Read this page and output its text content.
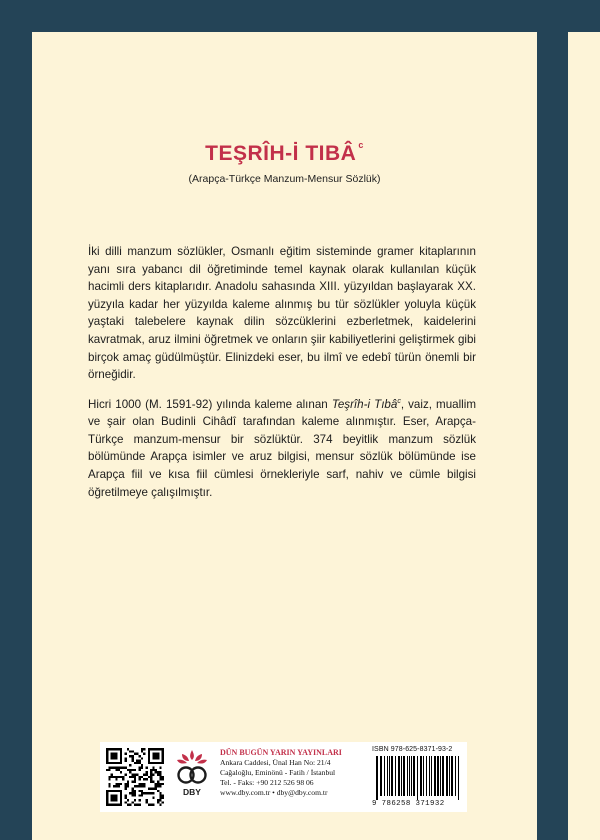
TEŞRÎH-İ TIBÂ $^c$
(Arapça-Türkçe Manzum-Mensur Sözlük)

İki dilli manzum sözlükler, Osmanlı eğitim sisteminde gramer kitaplarının yanı sıra yabancı dil öğretiminde temel kaynak olarak kullanılan küçük hacimli ders kitaplarıdır. Anadolu sahasında XIII. yüzyıldan başlayarak XX. yüzyıla kadar her yüzyılda kaleme alınmış bu tür sözlükler yoluyla küçük yaştaki talebelere kaynak dilin sözcüklerini ezberletmek, kaidelerini kavratmak, aruz ilmini öğretmek ve onların şiir kabiliyetlerini geliştirmek gibi birçok amaç güdülmüştür. Elinizdeki eser, bu ilmî ve edebî türün önemli bir örneğidir.

Hicri 1000 (M. 1591-92) yılında kaleme alınan Teşrîh-i Tıbâ$^c$, vaiz, muallim ve şair olan Budinli Cihâdî tarafından kaleme alınmıştır. Eser, Arapça-Türkçe manzum-mensur bir sözlüktür. 374 beyitlik manzum sözlük bölümünde Arapça isimler ve aruz bilgisi, mensur sözlük bölümünde ise Arapça fiil ve kısa fiil cümlesi örnekleriyle sarf, nahiv ve cümle bilgisi öğretilmeye çalışılmıştır.

DBY
DÜN BUGÜN YARIN YAYINLARI
Ankara Caddesi, Ünal Han No: 21/4
Cağaloğlu, Eminönü - Fatih / İstanbul
Tel. - Faks: +90 212 526 98 06
www.dby.com.tr • dby@dby.com.tr
ISBN 978-625-8371-93-2
9 786258 371932
